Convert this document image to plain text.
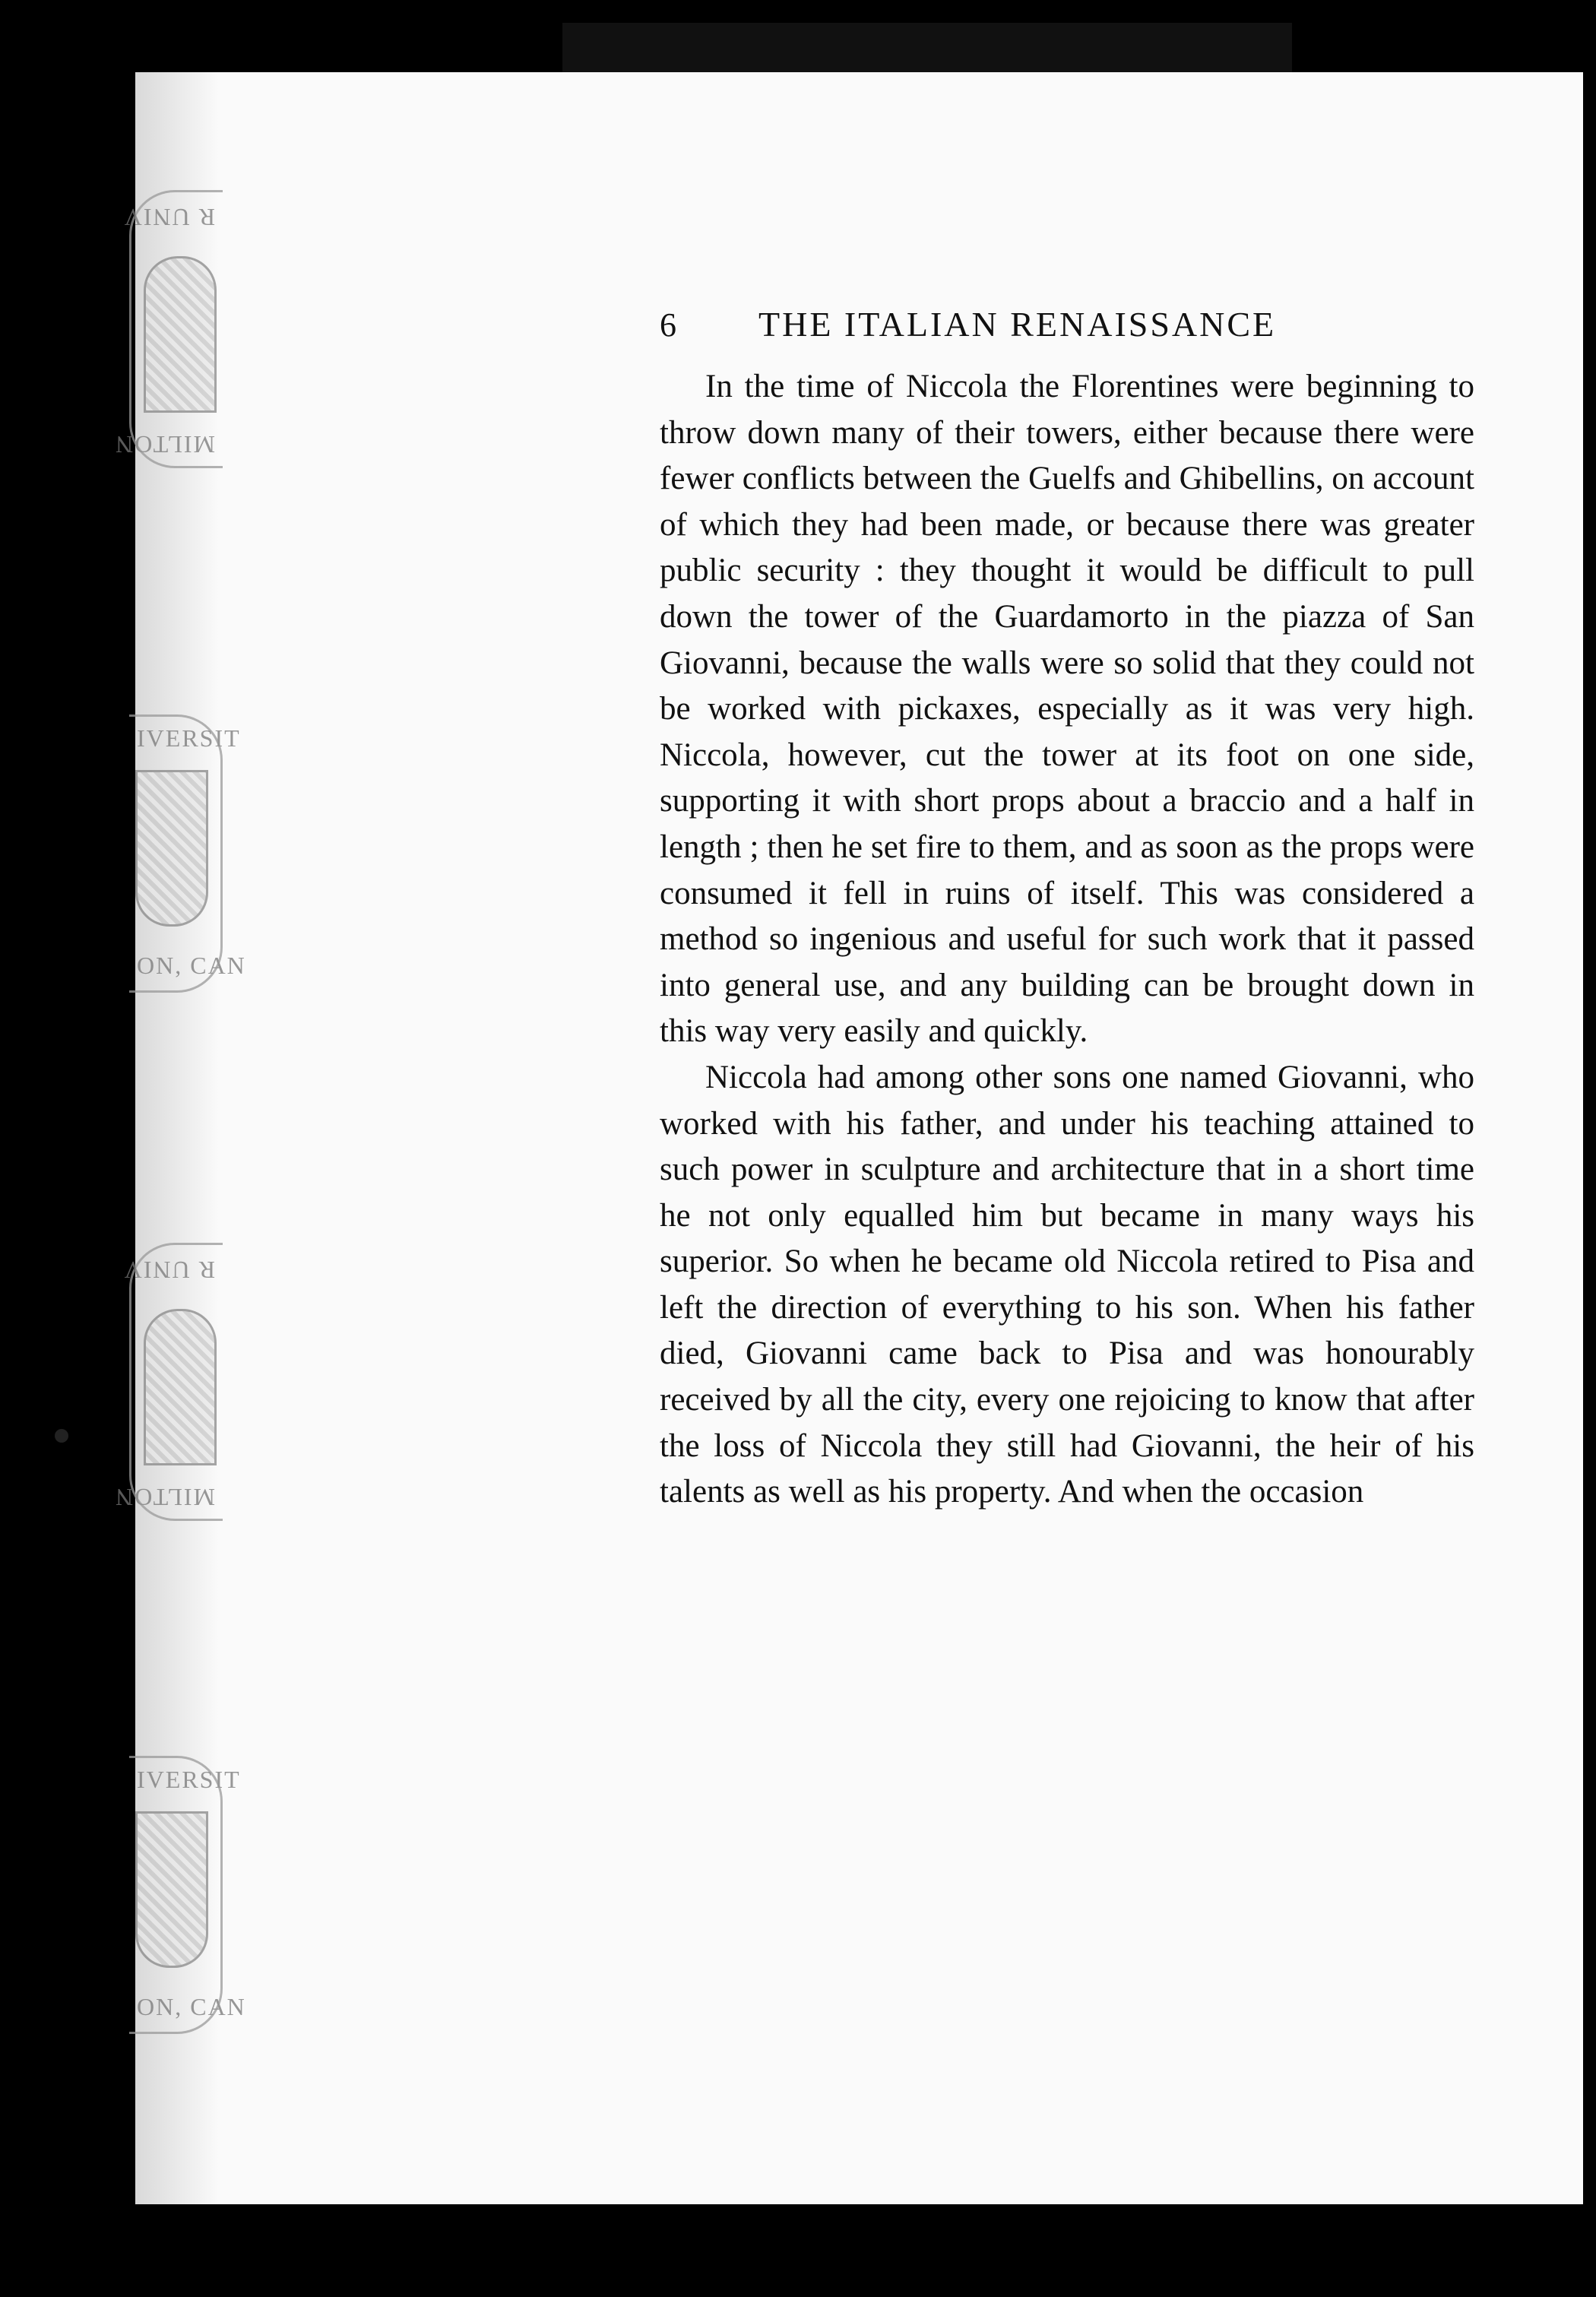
MILTON
R UNIV
IVERSIT
ON, CAN
MILTON
R UNIV
IVERSIT
ON, CAN
6	THE ITALIAN RENAISSANCE

In the time of Niccola the Florentines were beginning to throw down many of their towers, either because there were fewer conflicts between the Guelfs and Ghibellins, on account of which they had been made, or because there was greater public security : they thought it would be difficult to pull down the tower of the Guardamorto in the piazza of San Giovanni, because the walls were so solid that they could not be worked with pickaxes, especially as it was very high. Niccola, however, cut the tower at its foot on one side, supporting it with short props about a braccio and a half in length ; then he set fire to them, and as soon as the props were consumed it fell in ruins of itself. This was considered a method so ingenious and useful for such work that it passed into general use, and any building can be brought down in this way very easily and quickly.

Niccola had among other sons one named Giovanni, who worked with his father, and under his teaching attained to such power in sculpture and architecture that in a short time he not only equalled him but became in many ways his superior. So when he became old Niccola retired to Pisa and left the direction of everything to his son. When his father died, Giovanni came back to Pisa and was honourably received by all the city, every one rejoicing to know that after the loss of Niccola they still had Giovanni, the heir of his talents as well as his property. And when the occasion
